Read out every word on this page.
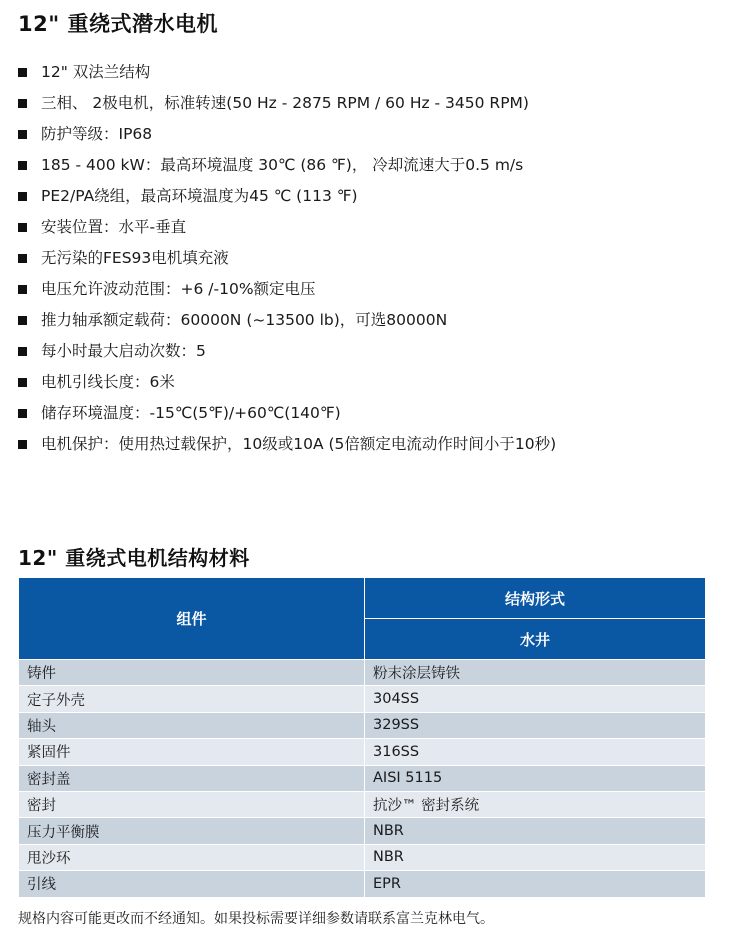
12" 重绕式潜水电机
12" 双法兰结构
三相、 2极电机，标准转速(50 Hz - 2875 RPM / 60 Hz - 3450 RPM)
防护等级：IP68
185 - 400 kW：最高环境温度 30℃ (86 ℉)， 冷却流速大于0.5 m/s
PE2/PA绕组，最高环境温度为45 ℃ (113 ℉)
安装位置：水平-垂直
无污染的FES93电机填充液
电压允许波动范围：+6 /-10%额定电压
推力轴承额定载荷：60000N (~13500 lb)，可选80000N
每小时最大启动次数：5
电机引线长度：6米
储存环境温度：-15℃(5℉)/+60℃(140℉)
电机保护：使用热过载保护，10级或10A (5倍额定电流动作时间小于10秒)
12" 重绕式电机结构材料
组件	结构形式
	水井
铸件	粉末涂层铸铁
定子外壳	304SS
轴头	329SS
紧固件	316SS
密封盖	AISI 5115
密封	抗沙™ 密封系统
压力平衡膜	NBR
甩沙环	NBR
引线	EPR
规格内容可能更改而不经通知。如果投标需要详细参数请联系富兰克林电气。
